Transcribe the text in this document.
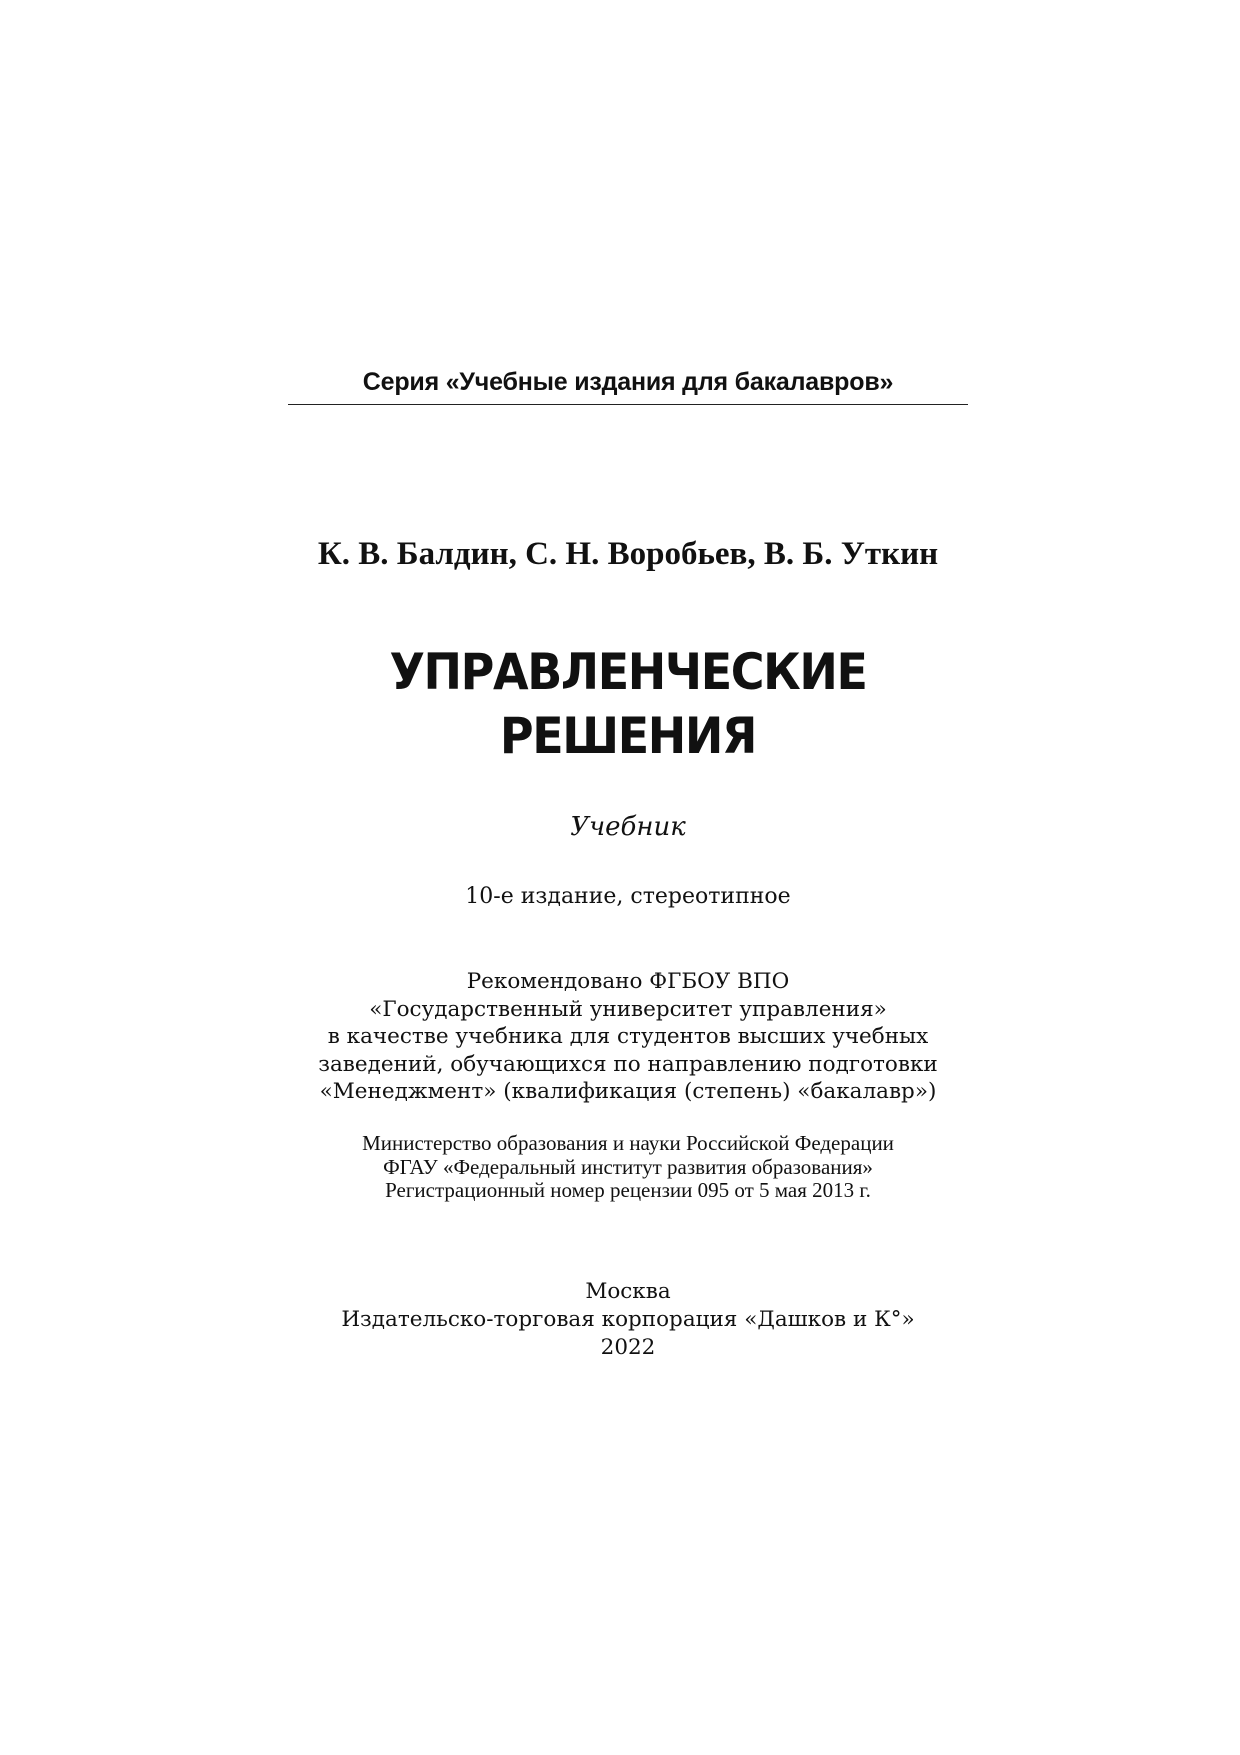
Серия «Учебные издания для бакалавров»
К. В. Балдин, С. Н. Воробьев, В. Б. Уткин
УПРАВЛЕНЧЕСКИЕ
РЕШЕНИЯ
Учебник
10-е издание, стереотипное
Рекомендовано ФГБОУ ВПО
«Государственный университет управления»
в качестве учебника для студентов высших учебных
заведений, обучающихся по направлению подготовки
«Менеджмент» (квалификация (степень) «бакалавр»)
Министерство образования и науки Российской Федерации
ФГАУ «Федеральный институт развития образования»
Регистрационный номер рецензии 095 от 5 мая 2013 г.
Москва
Издательско-торговая корпорация «Дашков и К°»
2022
